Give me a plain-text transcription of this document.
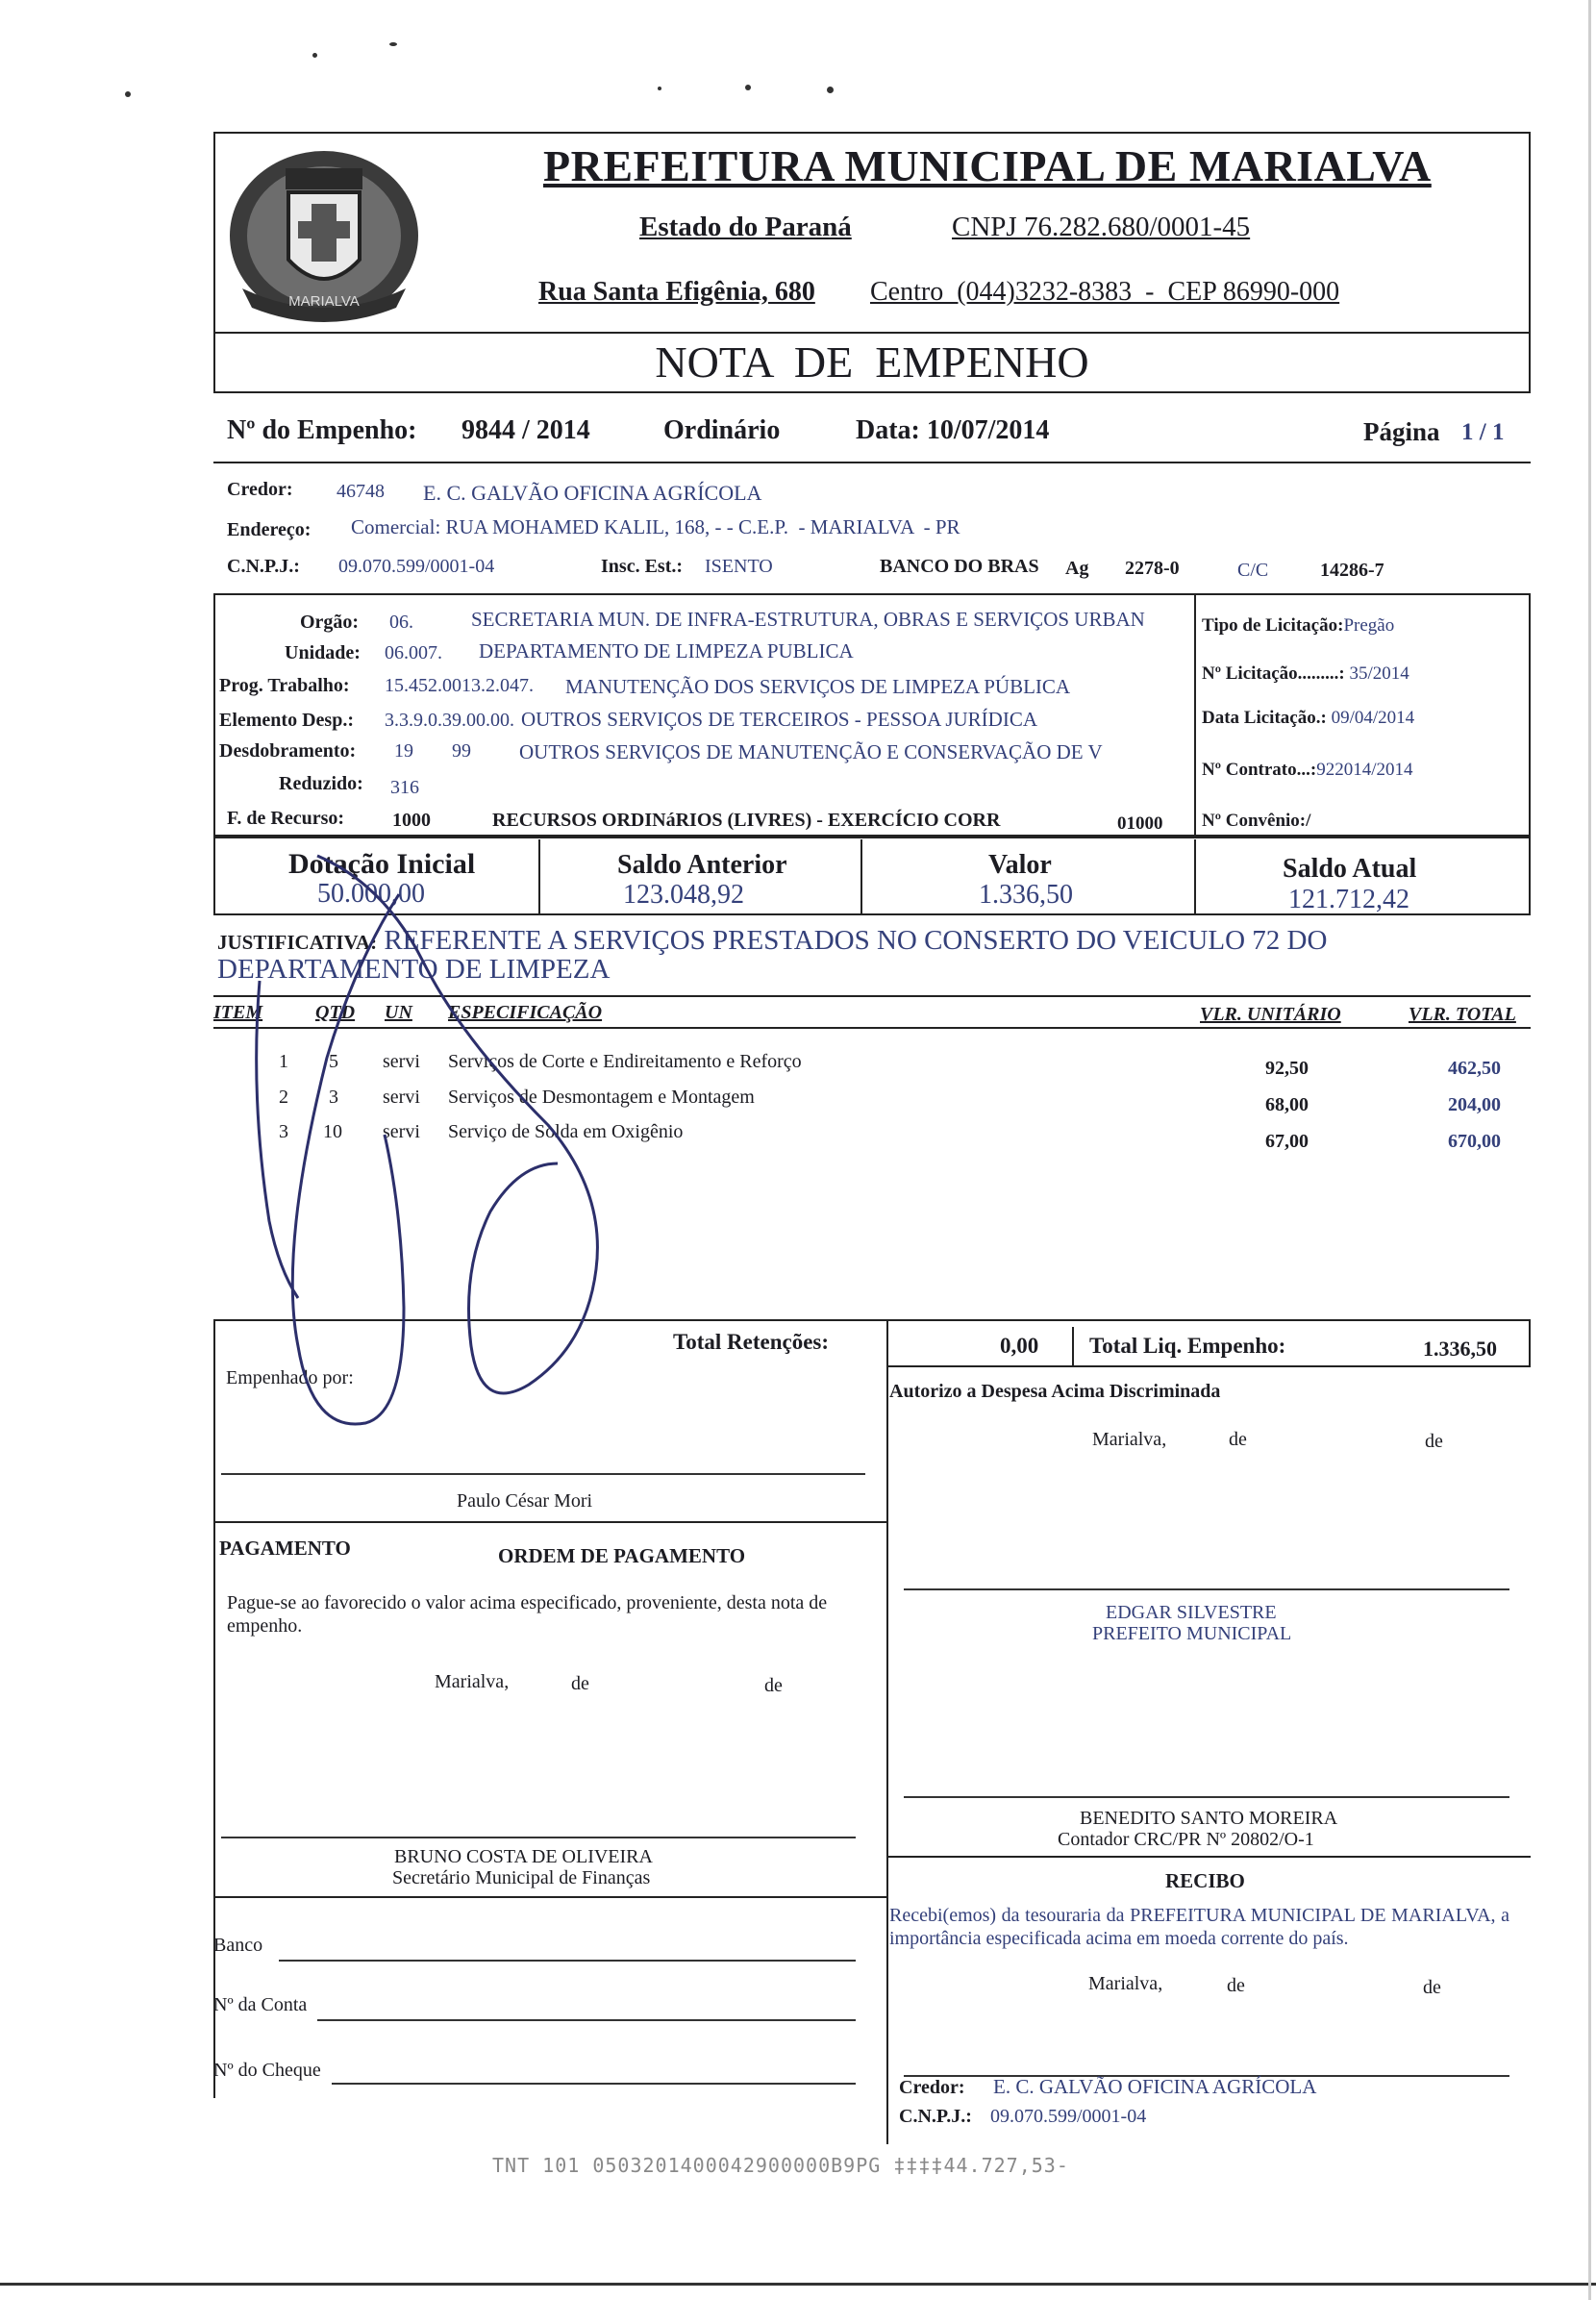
MARIALVA
PREFEITURA MUNICIPAL DE MARIALVA
Estado do Paraná	CNPJ 76.282.680/0001-45
Rua Santa Efigênia, 680 Centro  (044)3232-8383  -  CEP 86990-000
NOTA  DE  EMPENHO
Nº do Empenho: 9844 / 2014	Ordinário	Data: 10/07/2014	Página 1 / 1
Credor: 46748 E. C. GALVÃO OFICINA AGRÍCOLA
Endereço: Comercial: RUA MOHAMED KALIL, 168, - - C.E.P.  - MARIALVA  - PR
C.N.P.J.: 09.070.599/0001-04	Insc. Est.: ISENTO	BANCO DO BRAS Ag 2278-0	C/C	14286-7
Orgão: 06.	SECRETARIA MUN. DE INFRA-ESTRUTURA, OBRAS E SERVIÇOS URBAN
Unidade: 06.007. DEPARTAMENTO DE LIMPEZA PUBLICA
Prog. Trabalho: 15.452.0013.2.047. MANUTENÇÃO DOS SERVIÇOS DE LIMPEZA PÚBLICA
Elemento Desp.: 3.3.9.0.39.00.00. OUTROS SERVIÇOS DE TERCEIROS - PESSOA JURÍDICA
Desdobramento: 19 99 OUTROS SERVIÇOS DE MANUTENÇÃO E CONSERVAÇÃO DE V
Reduzido: 316
F. de Recurso: 1000	RECURSOS ORDINáRIOS (LIVRES) - EXERCÍCIO CORR	01000
Tipo de Licitação:Pregão
Nº Licitação.........: 35/2014
Data Licitação.: 09/04/2014
Nº Contrato...:922014/2014
Nº Convênio:/
Dotação Inicial
50.000,00
Saldo Anterior
123.048,92
Valor
1.336,50
Saldo Atual
121.712,42
JUSTIFICATIVA: REFERENTE A SERVIÇOS PRESTADOS NO CONSERTO DO VEICULO 72 DO
DEPARTAMENTO DE LIMPEZA
ITEM	QTD UN ESPECIFICAÇÃO	VLR. UNITÁRIO	VLR. TOTAL
1 5 servi Serviços de Corte e Endireitamento e Reforço	92,50	462,50
2 3 servi Serviços de Desmontagem e Montagem	68,00	204,00
3 10 servi Serviço de Solda em Oxigênio	67,00	670,00
Total Retenções:	0,00 Total Liq. Empenho:	1.336,50
Empenhado por:
Paulo César Mori
Autorizo a Despesa Acima Discriminada
Marialva,	de	de
PAGAMENTO	ORDEM DE PAGAMENTO
Pague-se ao favorecido o valor acima especificado, proveniente, desta nota de empenho.
Marialva,	de	de
EDGAR SILVESTRE
PREFEITO MUNICIPAL
BENEDITO SANTO MOREIRA
Contador CRC/PR Nº 20802/O-1
BRUNO COSTA DE OLIVEIRA
Secretário Municipal de Finanças	RECIBO
Recebi(emos) da tesouraria da PREFEITURA MUNICIPAL DE MARIALVA, a importância especificada acima em moeda corrente do país.
Marialva,	de	de
Banco
Nº da Conta
Nº do Cheque
Credor: E. C. GALVÃO OFICINA AGRÍCOLA
C.N.P.J.: 09.070.599/0001-04
TNT 101 0503201400042900000B9PG ‡‡‡‡44.727,53-
